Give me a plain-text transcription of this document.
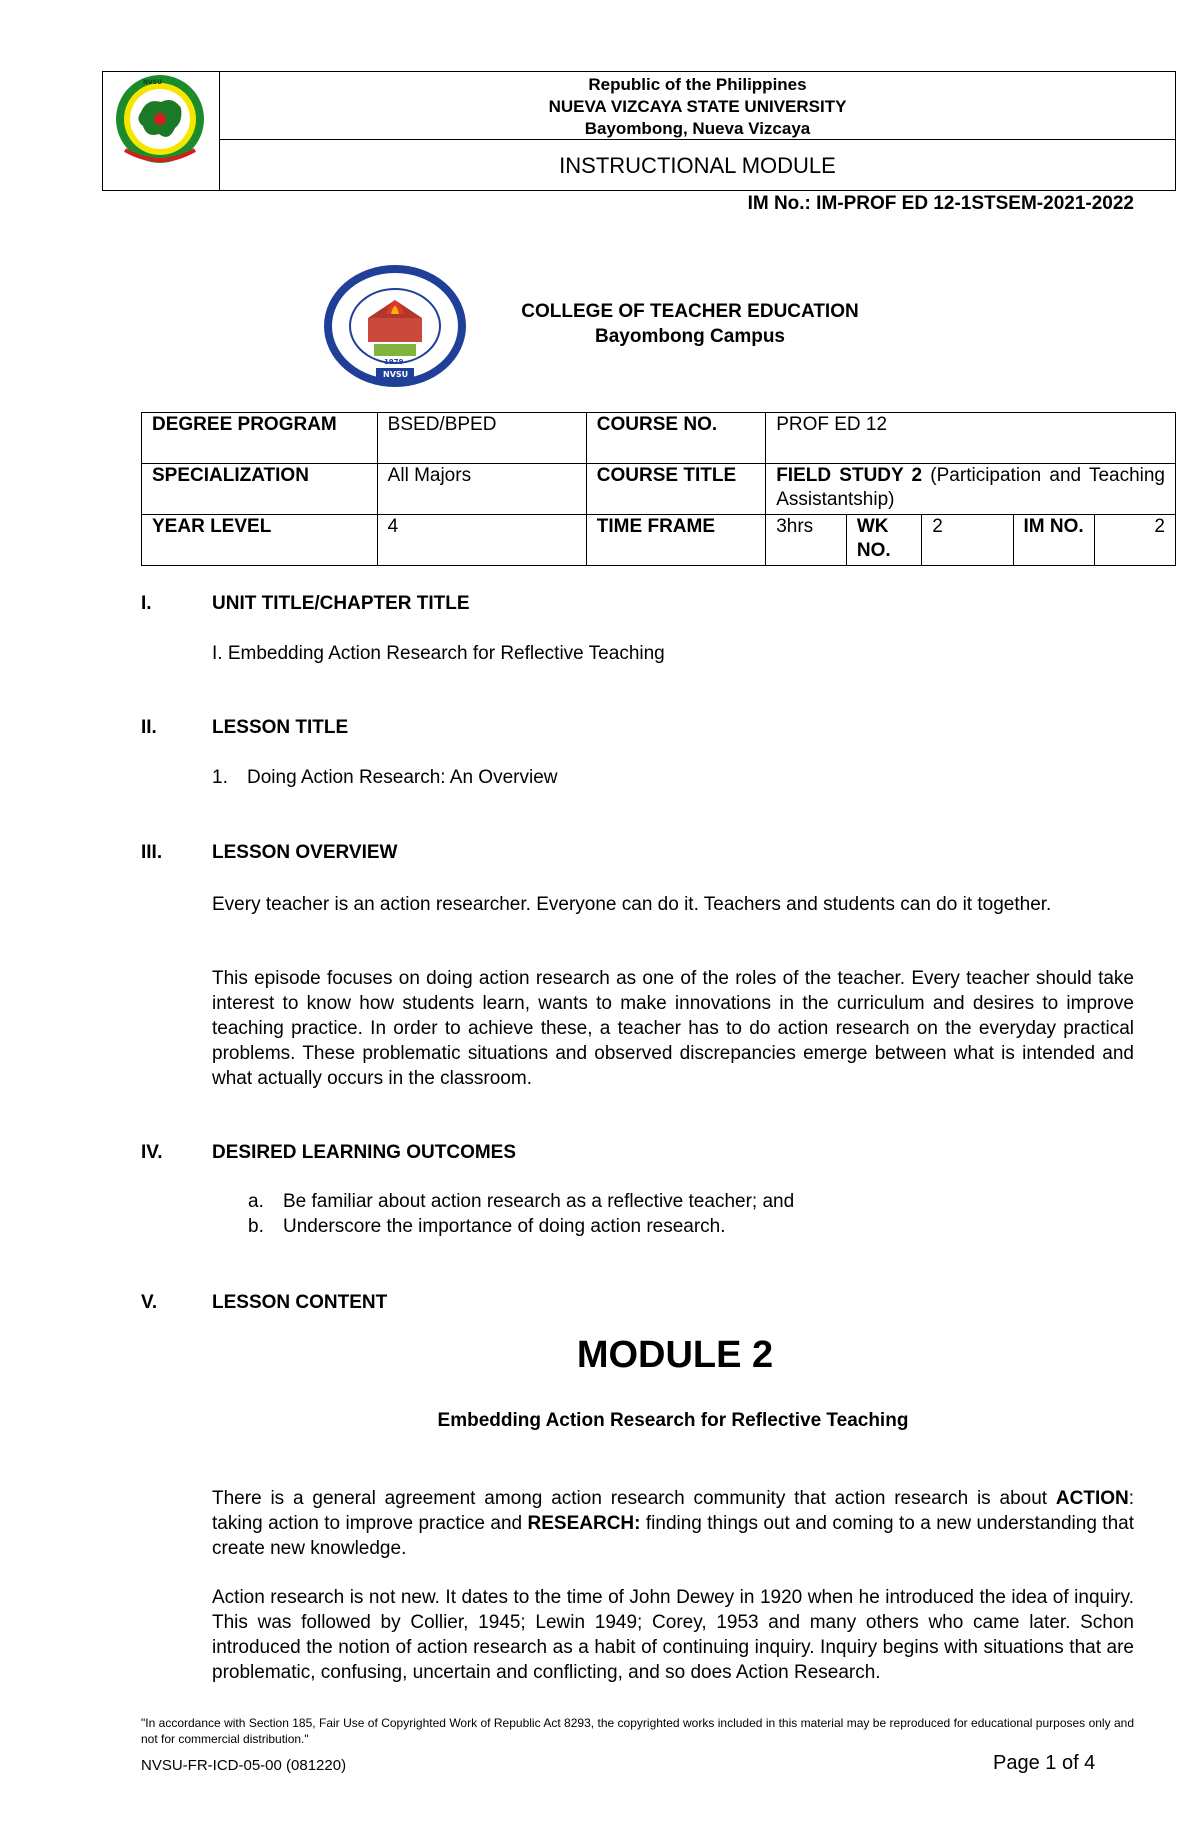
NVSU	Republic of the Philippines
NUEVA VIZCAYA STATE UNIVERSITY
Bayombong, Nueva Vizcaya
INSTRUCTIONAL MODULE
IM No.: IM-PROF ED 12-1STSEM-2021-2022
1979
NVSU
COLLEGE OF TEACHER EDUCATION
Bayombong Campus
DEGREE PROGRAM	BSED/BPED	COURSE NO.	PROF ED 12				
SPECIALIZATION	All Majors	COURSE TITLE	FIELD STUDY 2 (Participation and Teaching Assistantship)				
YEAR LEVEL	4	TIME FRAME	3hrs	WK NO.	2	IM NO.	2
I.	UNIT TITLE/CHAPTER TITLE
I. Embedding Action Research for Reflective Teaching
II.	LESSON TITLE
1. Doing Action Research: An Overview
III.	LESSON OVERVIEW
Every teacher is an action researcher. Everyone can do it. Teachers and students can do it together.
This episode focuses on doing action research as one of the roles of the teacher. Every teacher should take interest to know how students learn, wants to make innovations in the curriculum and desires to improve teaching practice. In order to achieve these, a teacher has to do action research on the everyday practical problems. These problematic situations and observed discrepancies emerge between what is intended and what actually occurs in the classroom.
IV.	DESIRED LEARNING OUTCOMES
a. Be familiar about action research as a reflective teacher; and
b. Underscore the importance of doing action research.
V.	LESSON CONTENT
MODULE 2
Embedding Action Research for Reflective Teaching
There is a general agreement among action research community that action research is about ACTION: taking action to improve practice and RESEARCH: finding things out and coming to a new understanding that create new knowledge.
Action research is not new. It dates to the time of John Dewey in 1920 when he introduced the idea of inquiry. This was followed by Collier, 1945; Lewin 1949; Corey, 1953 and many others who came later. Schon introduced the notion of action research as a habit of continuing inquiry. Inquiry begins with situations that are problematic, confusing, uncertain and conflicting, and so does Action Research.
"In accordance with Section 185, Fair Use of Copyrighted Work of Republic Act 8293, the copyrighted works included in this material may be reproduced for educational purposes only and not for commercial distribution."
NVSU-FR-ICD-05-00 (081220)	Page 1 of 4
